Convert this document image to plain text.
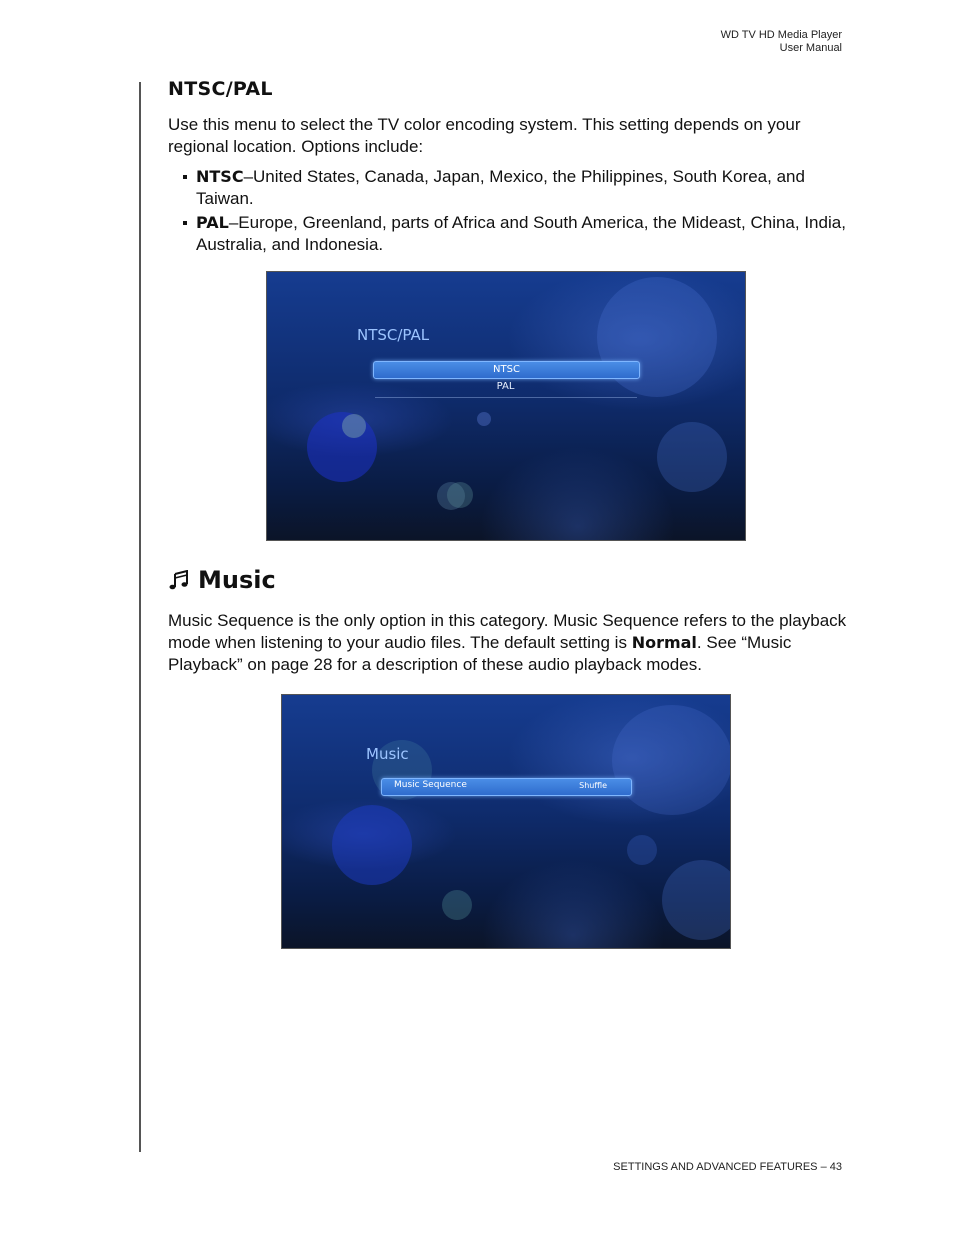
WD TV HD Media Player
User Manual
NTSC/PAL

Use this menu to select the TV color encoding system. This setting depends on your regional location. Options include:

NTSC–United States, Canada, Japan, Mexico, the Philippines, South Korea, and Taiwan.
PAL–Europe, Greenland, parts of Africa and South America, the Mideast, China, India, Australia, and Indonesia.
NTSC/PAL
NTSC
PAL
Music

Music Sequence is the only option in this category. Music Sequence refers to the playback mode when listening to your audio files. The default setting is Normal. See “Music Playback” on page 28 for a description of these audio playback modes.

Music
Music Sequence	Shuffle
SETTINGS AND ADVANCED FEATURES – 43
